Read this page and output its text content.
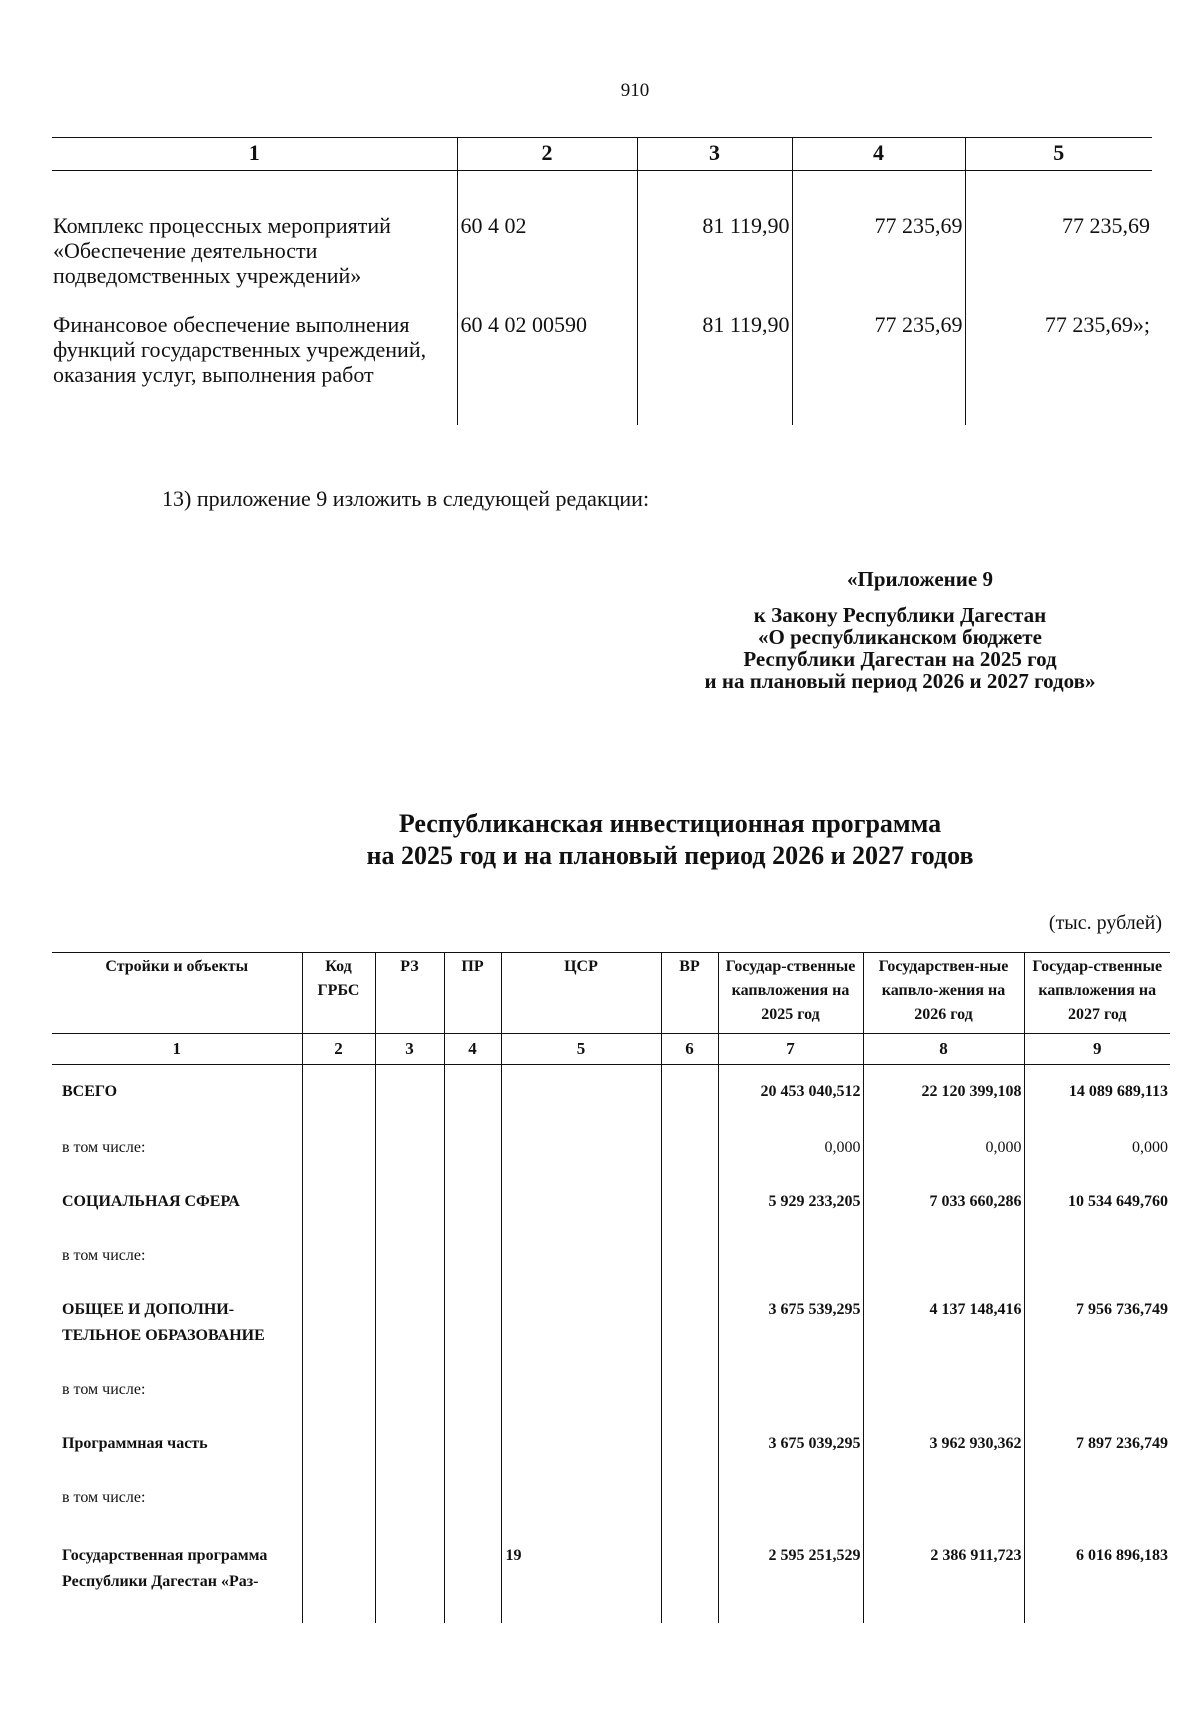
910
1	2	3	4	5
Комплекс процессных мероприятий «Обеспечение деятельности подведомственных учреждений»	60 4 02	81 119,90	77 235,69	77 235,69
Финансовое обеспечение выполнения функций государственных учреждений, оказания услуг, выполнения работ	60 4 02 00590	81 119,90	77 235,69	77 235,69»;
13) приложение 9 изложить в следующей редакции:
«Приложение 9
к Закону Республики Дагестан
«О республиканском бюджете
Республики Дагестан на 2025 год
и на плановый период 2026 и 2027 годов»
Республиканская инвестиционная программа
на 2025 год и на плановый период 2026 и 2027 годов
(тыс. рублей)
Стройки и объекты	Код ГРБС	РЗ	ПР	ЦСР	ВР	Государ-ственные капвложения на 2025 год	Государствен-ные капвло-жения на 2026 год	Государ-ственные капвложения на 2027 год
1	2	3	4	5	6	7	8	9
ВСЕГО						20 453 040,512	22 120 399,108	14 089 689,113
в том числе:						0,000	0,000	0,000
СОЦИАЛЬНАЯ СФЕРА						5 929 233,205	7 033 660,286	10 534 649,760
в том числе:								
ОБЩЕЕ И ДОПОЛНИ-ТЕЛЬНОЕ ОБРАЗОВАНИЕ						3 675 539,295	4 137 148,416	7 956 736,749
в том числе:								
Программная часть						3 675 039,295	3 962 930,362	7 897 236,749
в том числе:								
Государственная программа Республики Дагестан «Раз-				19		2 595 251,529	2 386 911,723	6 016 896,183
